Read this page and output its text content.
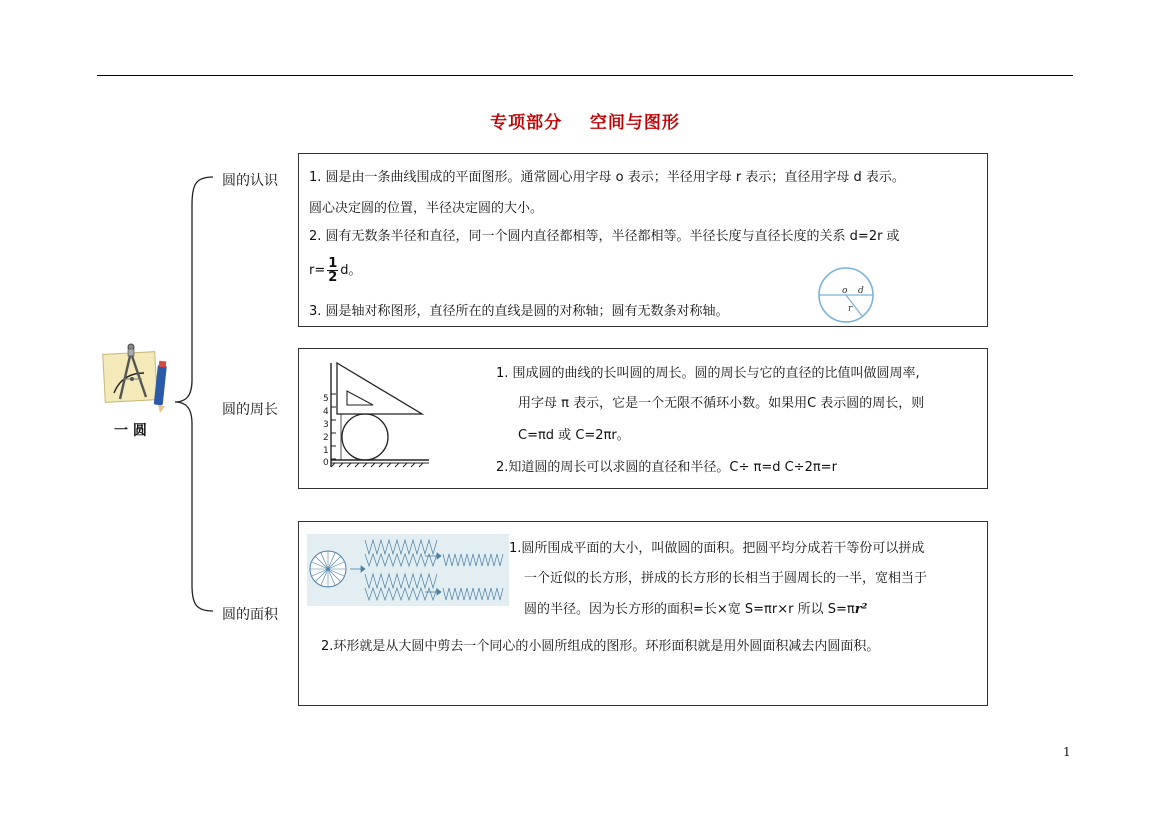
专项部分    空间与图形
一 圆
圆的认识
圆的周长
圆的面积
1. 圆是由一条曲线围成的平面图形。通常圆心用字母 o 表示；半径用字母 r 表示；直径用字母 d 表示。
圆心决定圆的位置，半径决定圆的大小。
2. 圆有无数条半径和直径，同一个圆内直径都相等，半径都相等。半径长度与直径长度的关系 d=2r 或
$r= \frac{1}{2}$ d。
3. 圆是轴对称图形，直径所在的直线是圆的对称轴；圆有无数条对称轴。
o d
r
5
4
3
2
1
0
1. 围成圆的曲线的长叫圆的周长。圆的周长与它的直径的比值叫做圆周率,
用字母 π 表示，它是一个无限不循环小数。如果用C 表示圆的周长，则
C=πd 或 C=2πr。
2.知道圆的周长可以求圆的直径和半径。C÷ π=d C÷2π=r
1.圆所围成平面的大小，叫做圆的面积。把圆平均分成若干等份可以拼成
一个近似的长方形，拼成的长方形的长相当于圆周长的一半，宽相当于
圆的半径。因为长方形的面积=长×宽 S=πr×r 所以 S=πr²
2.环形就是从大圆中剪去一个同心的小圆所组成的图形。环形面积就是用外圆面积减去内圆面积。
1
